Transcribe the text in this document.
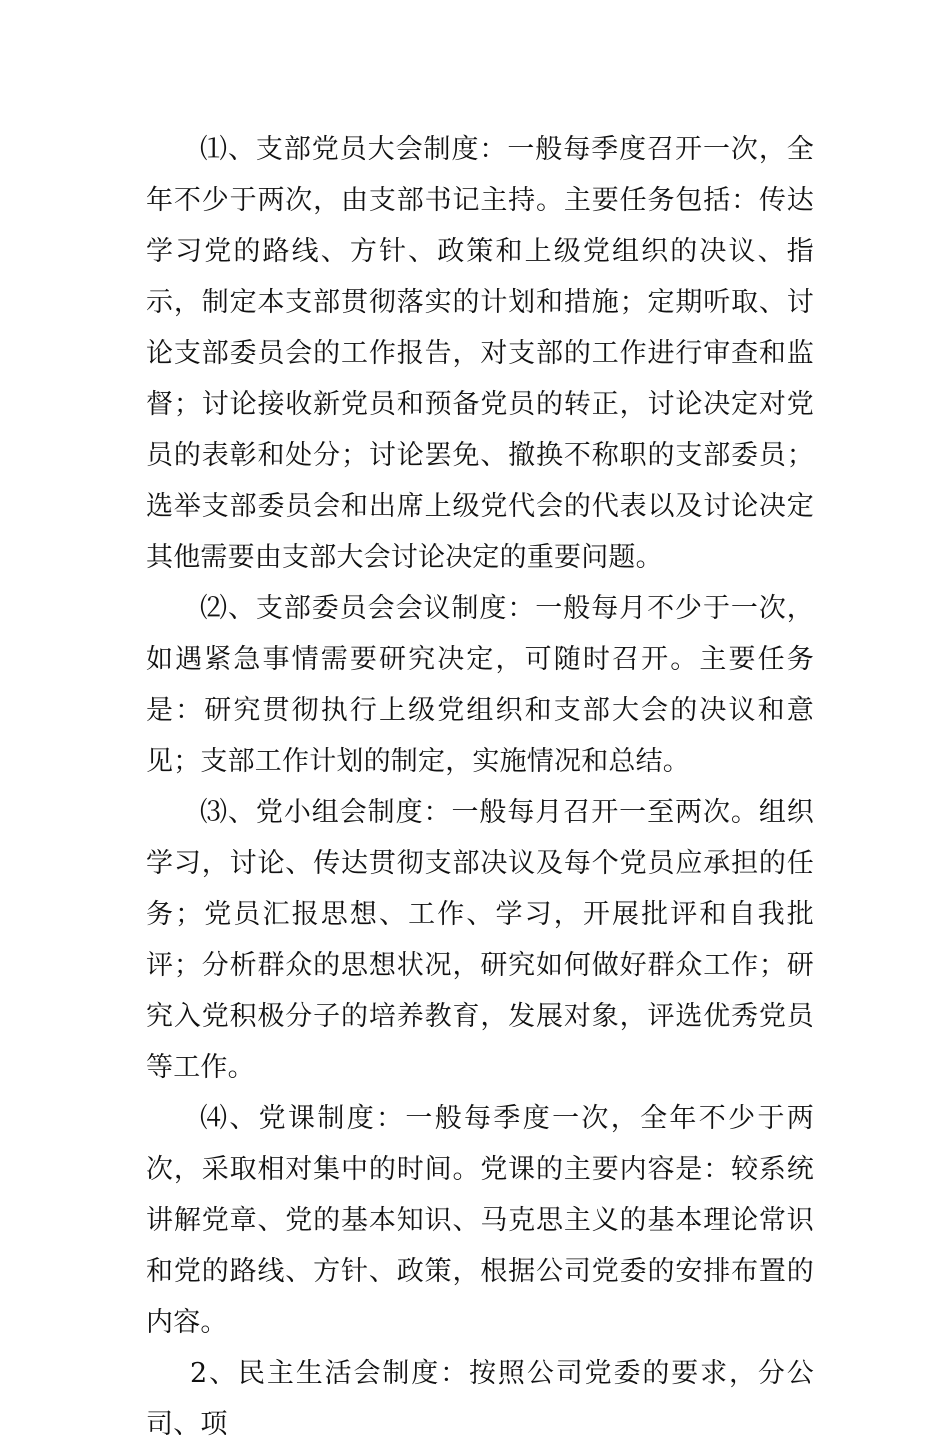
⑴、支部党员大会制度：一般每季度召开一次，全年不少于两次，由支部书记主持。主要任务包括：传达学习党的路线、方针、政策和上级党组织的决议、指示，制定本支部贯彻落实的计划和措施；定期听取、讨论支部委员会的工作报告，对支部的工作进行审查和监督；讨论接收新党员和预备党员的转正，讨论决定对党员的表彰和处分；讨论罢免、撤换不称职的支部委员；选举支部委员会和出席上级党代会的代表以及讨论决定其他需要由支部大会讨论决定的重要问题。

⑵、支部委员会会议制度：一般每月不少于一次，如遇紧急事情需要研究决定，可随时召开。主要任务是：研究贯彻执行上级党组织和支部大会的决议和意见；支部工作计划的制定，实施情况和总结。

⑶、党小组会制度：一般每月召开一至两次。组织学习，讨论、传达贯彻支部决议及每个党员应承担的任务；党员汇报思想、工作、学习，开展批评和自我批评；分析群众的思想状况，研究如何做好群众工作；研究入党积极分子的培养教育，发展对象，评选优秀党员等工作。

⑷、党课制度：一般每季度一次，全年不少于两次，采取相对集中的时间。党课的主要内容是：较系统讲解党章、党的基本知识、马克思主义的基本理论常识和党的路线、方针、政策，根据公司党委的安排布置的内容。

2、民主生活会制度：按照公司党委的要求，分公司、项
